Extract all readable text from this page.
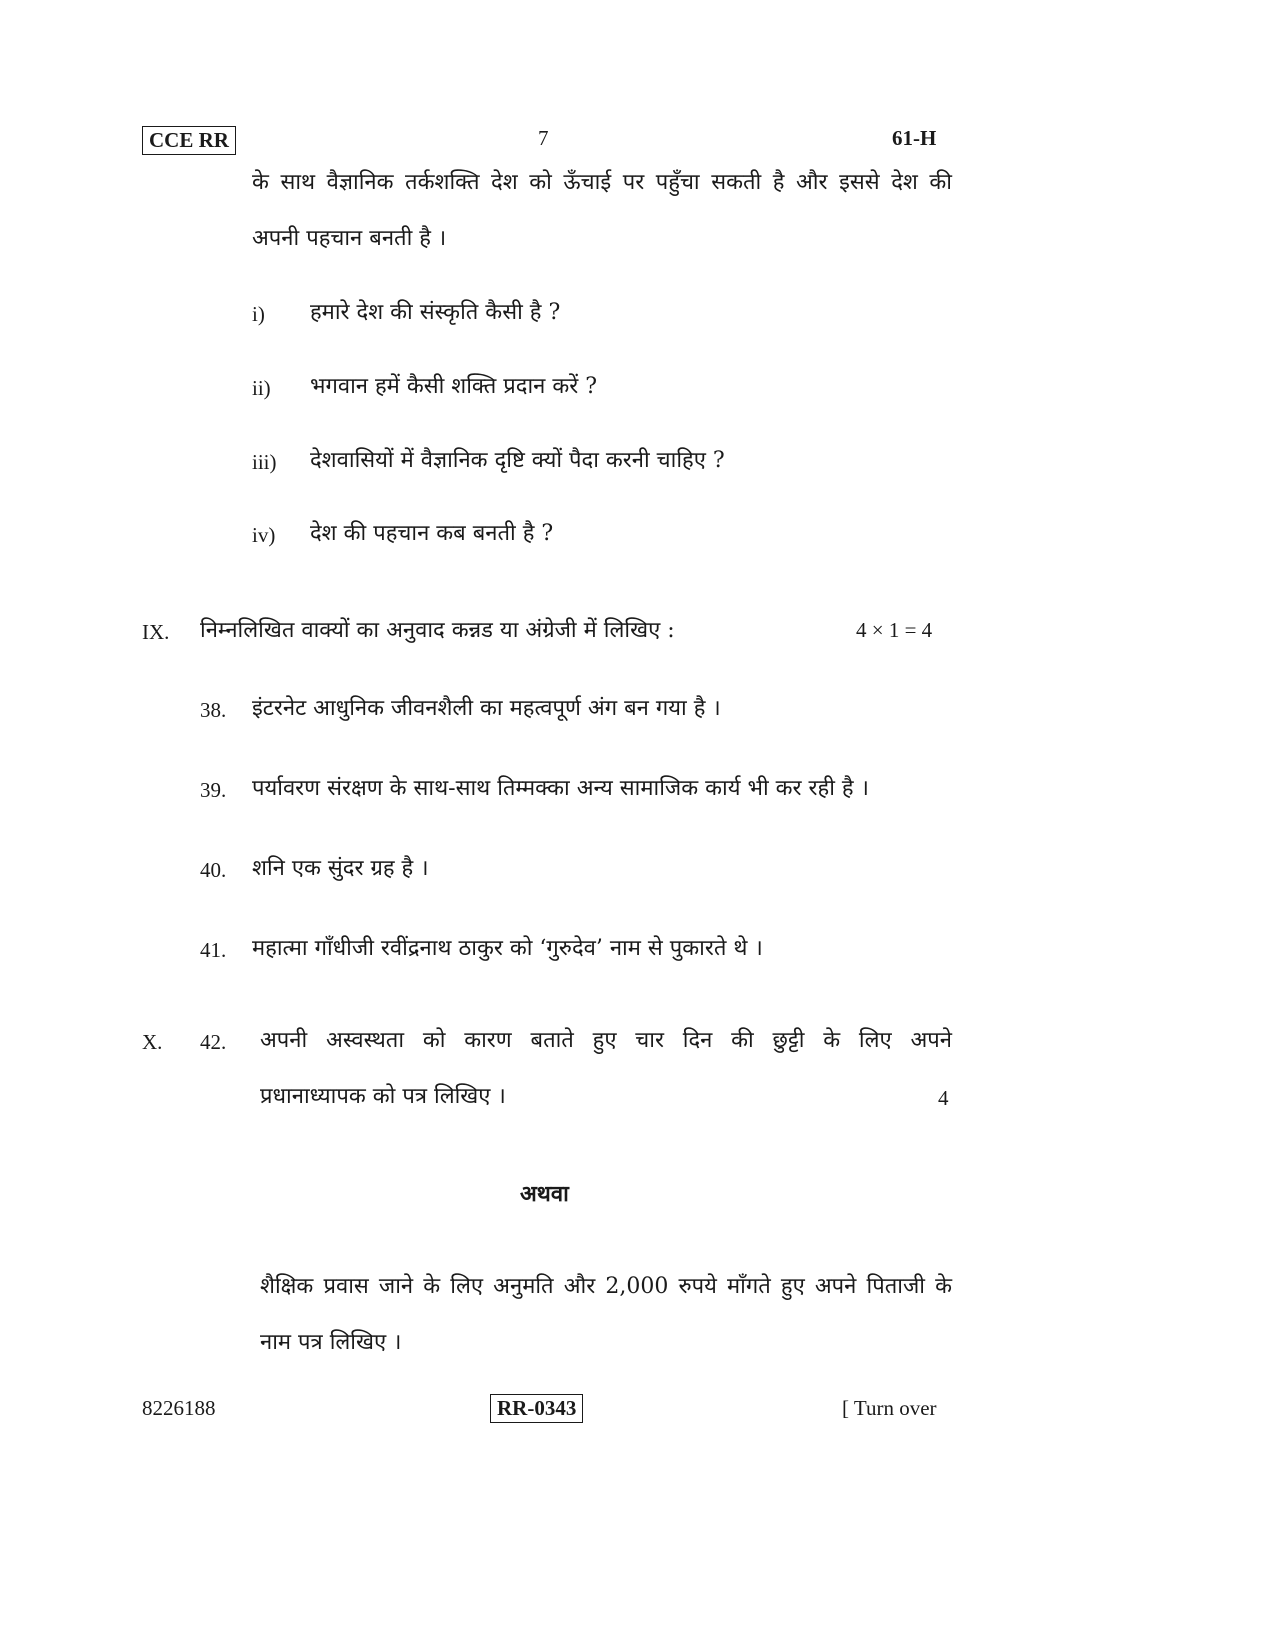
CCE RR	7	61-H
के साथ वैज्ञानिक तर्कशक्ति देश को ऊँचाई पर पहुँचा सकती है और इससे देश की
अपनी पहचान बनती है ।
i) हमारे देश की संस्कृति कैसी है ?
ii) भगवान हमें कैसी शक्ति प्रदान करें ?
iii) देशवासियों में वैज्ञानिक दृष्टि क्यों पैदा करनी चाहिए ?
iv) देश की पहचान कब बनती है ?
IX. निम्नलिखित वाक्यों का अनुवाद कन्नड या अंग्रेजी में लिखिए :	4 × 1 = 4
38. इंटरनेट आधुनिक जीवनशैली का महत्वपूर्ण अंग बन गया है ।
39. पर्यावरण संरक्षण के साथ-साथ तिम्मक्का अन्य सामाजिक कार्य भी कर रही है ।
40. शनि एक सुंदर ग्रह है ।
41. महात्मा गाँधीजी रवींद्रनाथ ठाकुर को ‘गुरुदेव’ नाम से पुकारते थे ।
X. 42. अपनी अस्वस्थता को कारण बताते हुए चार दिन की छुट्टी के लिए अपने
प्रधानाध्यापक को पत्र लिखिए ।	4
अथवा
शैक्षिक प्रवास जाने के लिए अनुमति और 2,000 रुपये माँगते हुए अपने पिताजी के
नाम पत्र लिखिए ।
8226188	RR-0343	[ Turn over
